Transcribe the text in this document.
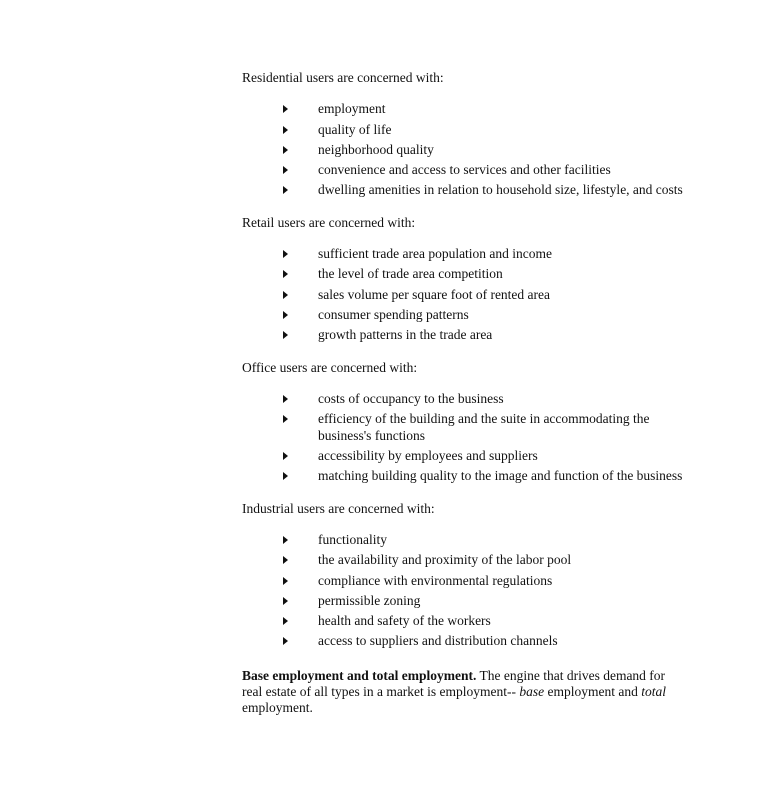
Residential users are concerned with:
employment
quality of life
neighborhood quality
convenience and access to services and other facilities
dwelling amenities in relation to household size, lifestyle, and costs
Retail users are concerned with:
sufficient trade area population and income
the level of trade area competition
sales volume per square foot of rented area
consumer spending patterns
growth patterns in the trade area
Office users are concerned with:
costs of occupancy to the business
efficiency of the building and the suite in accommodating the business's functions
accessibility by employees and suppliers
matching building quality to the image and function of the business
Industrial users are concerned with:
functionality
the availability and proximity of the labor pool
compliance with environmental regulations
permissible zoning
health and safety of the workers
access to suppliers and distribution channels

Base employment and total employment. The engine that drives demand for real estate of all types in a market is employment-- base employment and total employment.
